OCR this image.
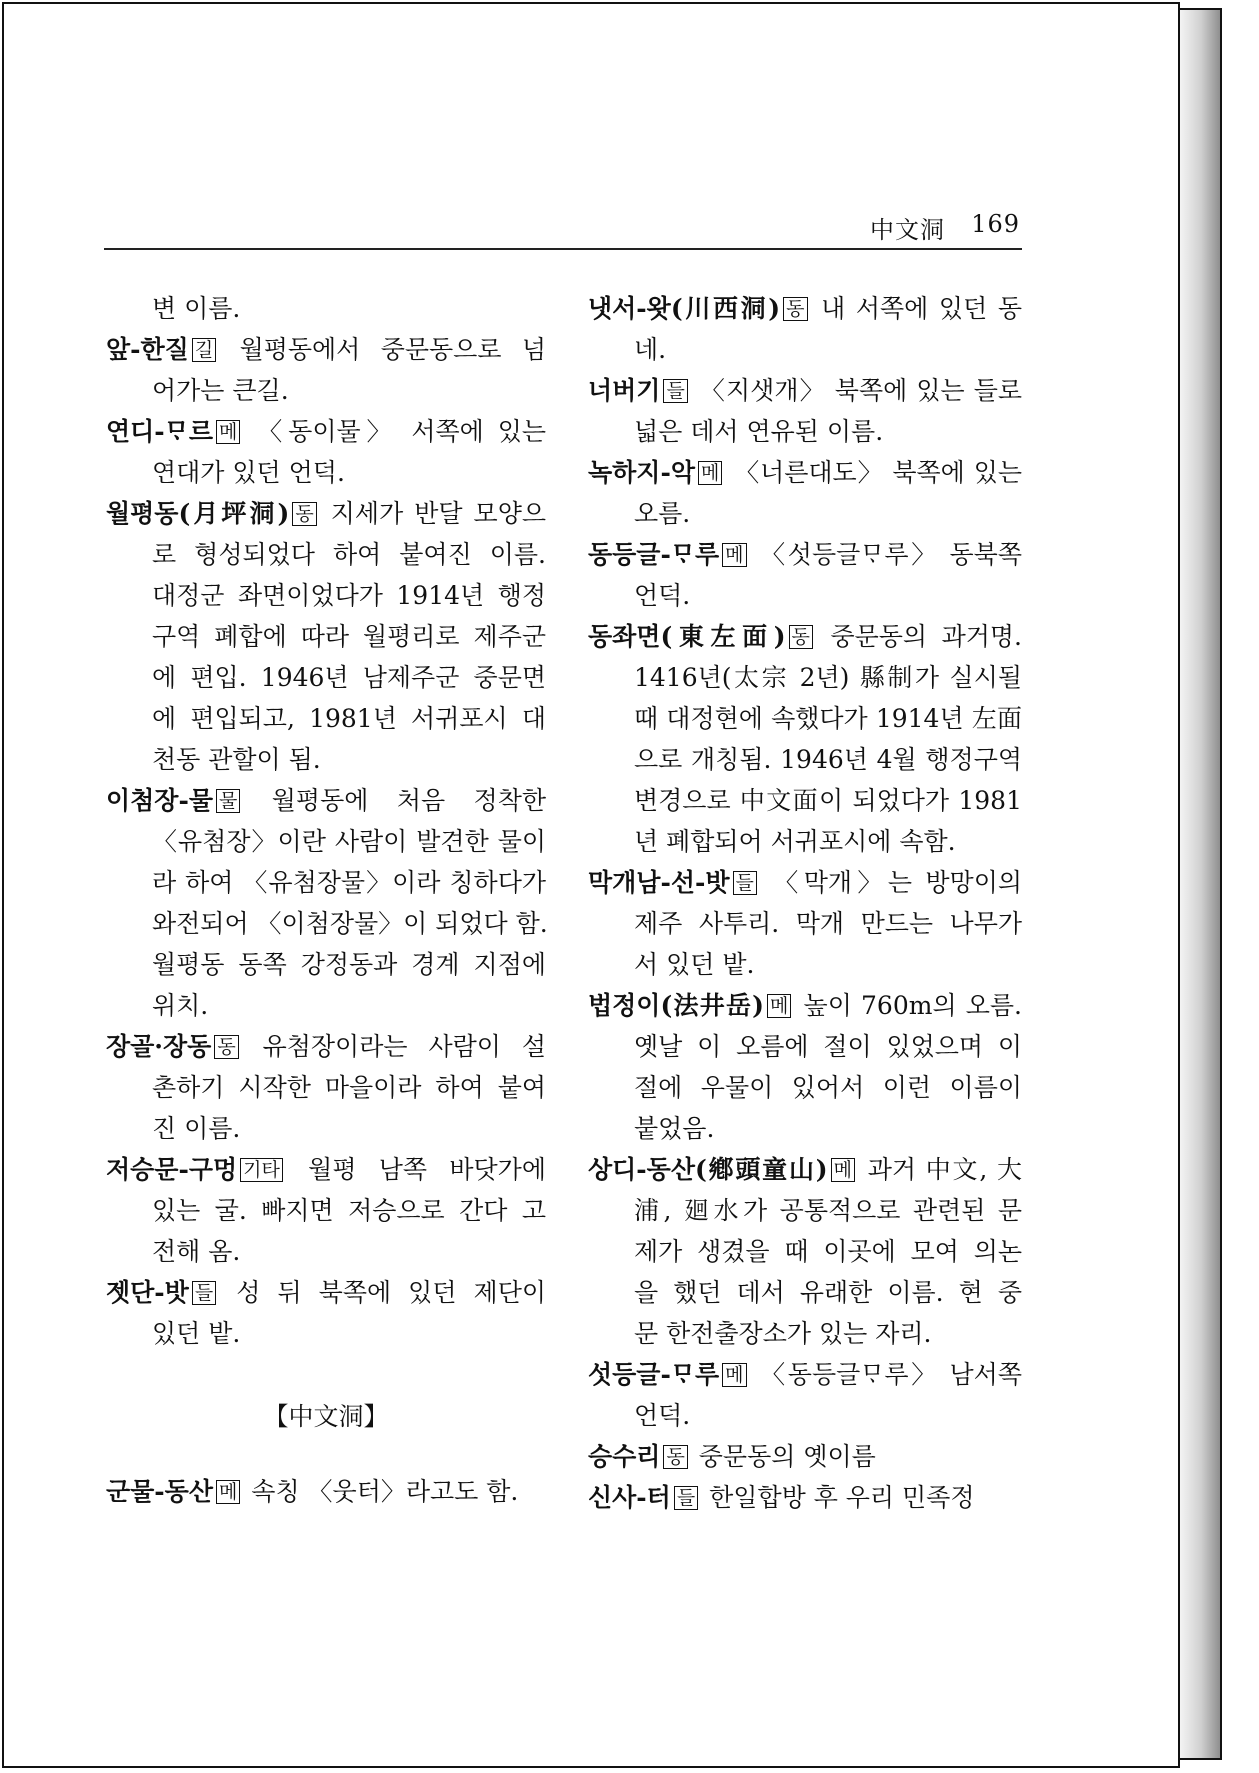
中文洞 169
변 이름.
앞-한질 길 월평동에서 중문동으로 넘
어가는 큰길.
연디-ᄆᆞ르 메 〈동이물〉 서쪽에 있는
연대가 있던 언덕.
월평동(月坪洞) 동 지세가 반달 모양으
로 형성되었다 하여 붙여진 이름.
대정군 좌면이었다가 1914년 행정
구역 폐합에 따라 월평리로 제주군
에 편입. 1946년 남제주군 중문면
에 편입되고, 1981년 서귀포시 대
천동 관할이 됨.
이첨장-물 물 월평동에 처음 정착한
〈유첨장〉이란 사람이 발견한 물이
라 하여 〈유첨장물〉이라 칭하다가
와전되어 〈이첨장물〉이 되었다 함.
월평동 동쪽 강정동과 경계 지점에
위치.
장골·장동 동 유첨장이라는 사람이 설
촌하기 시작한 마을이라 하여 붙여
진 이름.
저승문-구멍 기타 월평 남쪽 바닷가에
있는 굴. 빠지면 저승으로 간다 고
전해 옴.
젯단-밧 들 성 뒤 북쪽에 있던 제단이
있던 밭.
【中文洞】
군물-동산 메 속칭 〈웃터〉라고도 함.
냇서-왓(川西洞) 동 내 서쪽에 있던 동
네.
너버기 들 〈지샛개〉 북쪽에 있는 들로
넓은 데서 연유된 이름.
녹하지-악 메 〈너른대도〉 북쪽에 있는
오름.
동등글-ᄆᆞ루 메 〈섯등글ᄆᆞ루〉 동북쪽
언덕.
동좌면(東左面) 동 중문동의 과거명.
1416년(太宗 2년) 縣制가 실시될
때 대정현에 속했다가 1914년 左面
으로 개칭됨. 1946년 4월 행정구역
변경으로 中文面이 되었다가 1981
년 폐합되어 서귀포시에 속함.
막개남-선-밧 들 〈막개〉는 방망이의
제주 사투리. 막개 만드는 나무가
서 있던 밭.
법정이(法井岳) 메 높이 760m의 오름.
옛날 이 오름에 절이 있었으며 이
절에 우물이 있어서 이런 이름이
붙었음.
상디-동산(鄕頭童山) 메 과거 中文, 大
浦, 廻水가 공통적으로 관련된 문
제가 생겼을 때 이곳에 모여 의논
을 했던 데서 유래한 이름. 현 중
문 한전출장소가 있는 자리.
섯등글-ᄆᆞ루 메 〈동등글ᄆᆞ루〉 남서쪽
언덕.
승수리 동 중문동의 옛이름
신사-터 들 한일합방 후 우리 민족정
